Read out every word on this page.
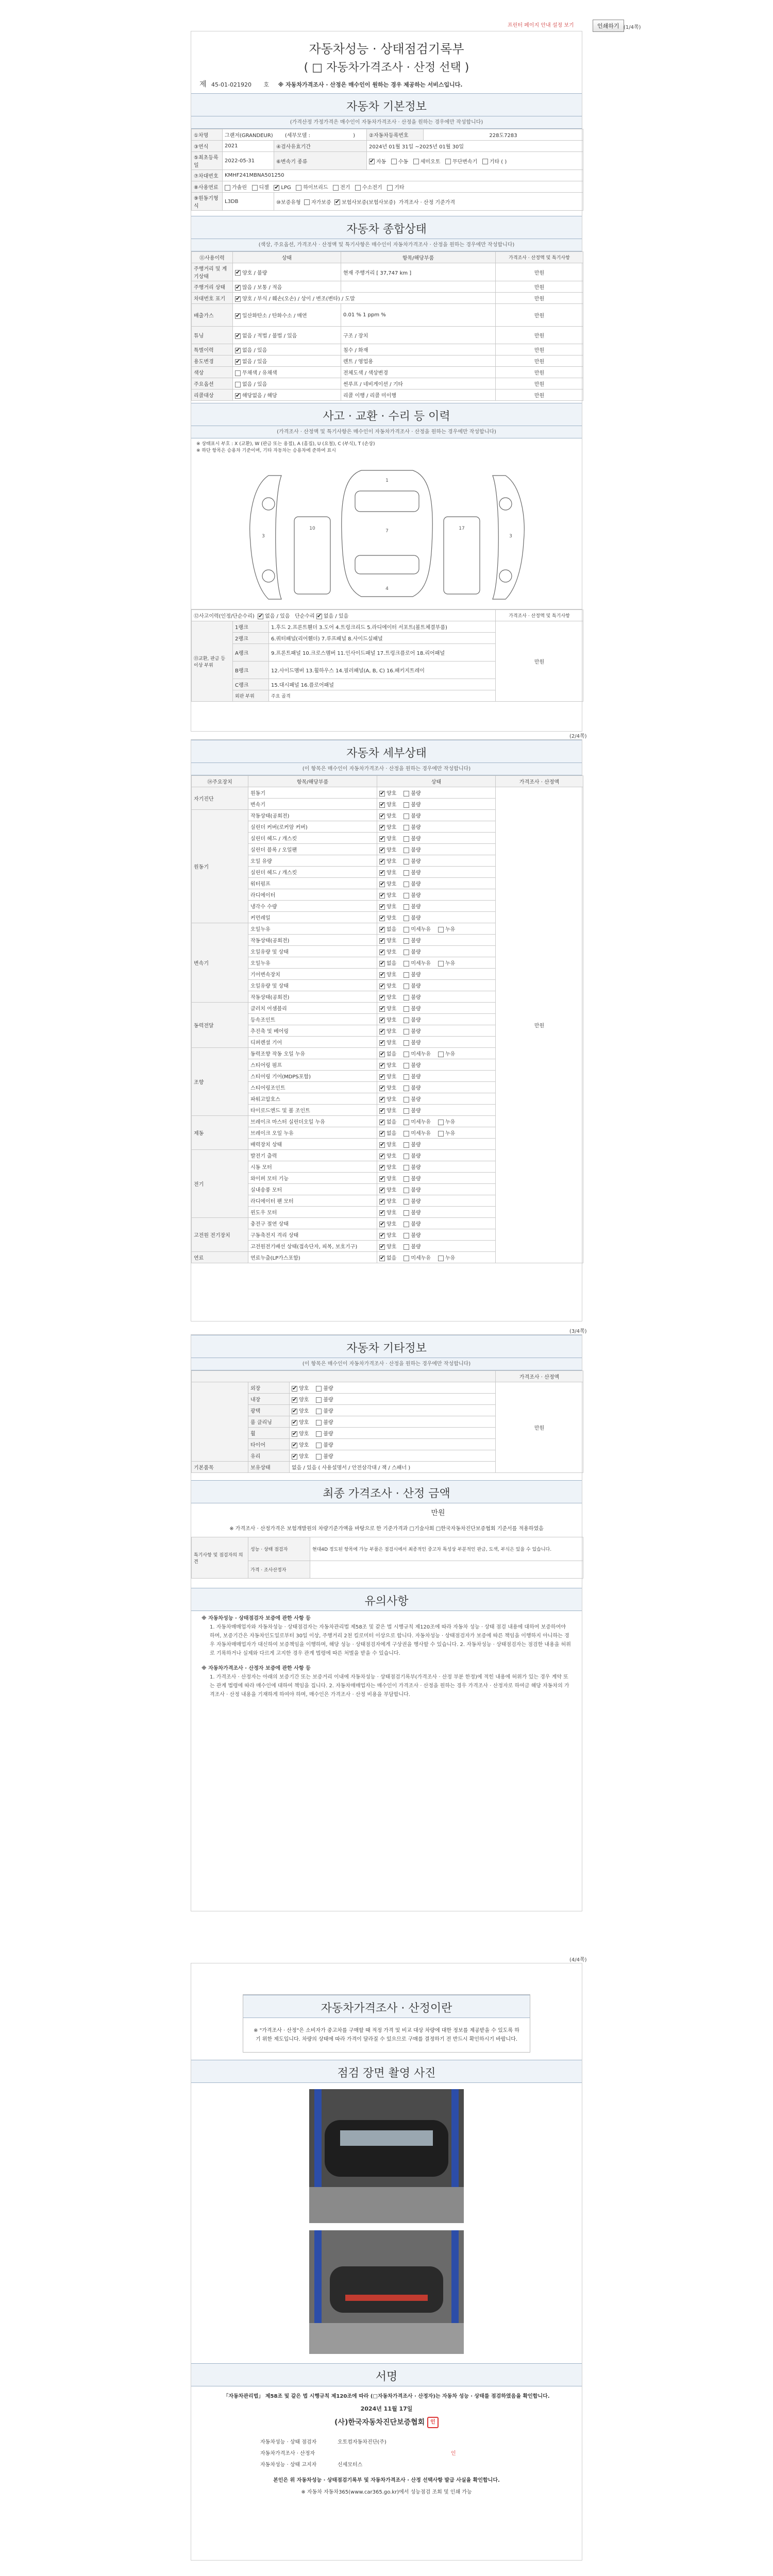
프린터 페이지 안내 설정 보기	인쇄하기 (1/4쪽)
자동차성능 · 상태점검기록부
( □ 자동차가격조사 · 산정 선택 )
제 45-01-021920 호 ※ 자동차가격조사 · 산정은 매수인이 원하는 경우 제공하는 서비스입니다.
자동차 기본정보
(가격산정 가정가격은 매수인이 자동차가격조사 · 산정을 원하는 경우에만 작성합니다)
①차명	그랜저(GRANDEUR) (세부모델 : )		②자동차등록번호	228도7283
③연식	2021	④검사유효기간	2024년 01월 31일 ~2025년 01월 30일	
⑤최초등록일	2022-05-31	⑥변속기 종류	✔자동 수동 세미오토 무단변속기 기타 ( )
⑦차대번호	KMHF241MBNA501250			
⑧사용연료	가솔린 디젤 ✔ LPG 하이브리드 전기 수소전기 기타
⑨원동기형식	L3DB	⑩보증유형 자가보증 ✔ 보험사보증(보험사보증) 가격조사 · 산정 기준가격
자동차 종합상태
(색상, 주요옵션, 가격조사 · 산정액 및 특기사항은 매수인이 자동차가격조사 · 산정을 원하는 경우에만 작성합니다)
⑪사용이력	상태	항목/해당부품	가격조사 · 산정액 및 특기사항
주행거리 및 계기상태	✔양호 / 불량	현재 주행거리 [ 37,747 km ]	만원
주행거리 상태	✔많음 / 보통 / 적음		만원
차대번호 표기	✔양호 / 부식 / 훼손(오손) / 상이 / 변조(변타) / 도말		만원
배출가스	✔일산화탄소 / 탄화수소 / 매연	0.01 % 1 ppm %	만원
튜닝	✔없음 / 적법 / 불법 / 있음	구조 / 장치	만원
특별이력	✔없음 / 있음	침수 / 화재	만원
용도변경	✔없음 / 있음	렌트 / 영업용	만원
색상	무채색 / 유채색	전체도색 / 색상변경	만원
주요옵션	없음 / 있음	썬루프 / 네비게이션 / 기타	만원
리콜대상	✔해당없음 / 해당	리콜 이행 / 리콜 미이행	만원
사고 · 교환 · 수리 등 이력
(가격조사 · 산정액 및 특기사항은 매수인이 자동차가격조사 · 산정을 원하는 경우에만 작성합니다)
※ 상태표시 부호 : X (교환), W (판금 또는 용접), A (흠집), U (요철), C (부식), T (손상)
※ 하단 항목은 승용차 기준이며, 기타 자동차는 승용차에 준하여 표시
1
7
4
10	17
3	3
⑫사고이력(인정/단순수리) ✔ 없음 / 있음 단순수리 ✔ 없음 / 있음			가격조사 · 산정액 및 특기사항
⑬교환, 판금 등 이상 부위	1랭크	1.후드 2.프론트휀더 3.도어 4.트렁크리드 5.라디에이터 서포트(볼트체결부품)	만원
	2랭크	6.쿼터패널(리어휀더) 7.루프패널 8.사이드실패널	
	A랭크	9.프론트패널 10.크로스멤버 11.인사이드패널 17.트렁크플로어 18.리어패널	
	B랭크	12.사이드멤버 13.휠하우스 14.필러패널(A, B, C) 16.패키지트레이	
	C랭크	15.대시패널 16.플로어패널	
	외판 부위	주요 골격	
(2/4쪽)
자동차 세부상태
(이 항목은 매수인이 자동차가격조사 · 산정을 원하는 경우에만 작성합니다)
⑭주요장치	항목/해당부품	상태	가격조사 · 산정액
자기진단	원동기	✔양호 불량	만원
	변속기	✔양호 불량
원동기	작동상태(공회전)	✔양호 불량
	실린더 커버(로커암 커버)	✔양호 불량
	실린더 헤드 / 개스킷	✔양호 불량
	실린더 블록 / 오일팬	✔양호 불량
	오일 유량	✔양호 불량
	실린더 헤드 / 개스킷	✔양호 불량
	워터펌프	✔양호 불량
	라디에이터	✔양호 불량
	냉각수 수량	✔양호 불량
	커먼레일	✔양호 불량
변속기	오일누유	✔없음 미세누유 누유
	작동상태(공회전)	✔양호 불량
	오일유량 및 상태	✔양호 불량
	오일누유	✔없음 미세누유 누유
	기어변속장치	✔양호 불량
	오일유량 및 상태	✔양호 불량
	작동상태(공회전)	✔양호 불량
동력전달	클러치 어셈블리	✔양호 불량
	등속조인트	✔양호 불량
	추진축 및 베어링	✔양호 불량
	디퍼렌셜 기어	✔양호 불량
조향	동력조향 작동 오일 누유	✔없음 미세누유 누유
	스티어링 펌프	✔양호 불량
	스티어링 기어(MDPS포함)	✔양호 불량
	스티어링조인트	✔양호 불량
	파워고압호스	✔양호 불량
	타이로드엔드 및 볼 조인트	✔양호 불량
제동	브레이크 마스터 실린더오일 누유	✔없음 미세누유 누유
	브레이크 오일 누유	✔없음 미세누유 누유
	배력장치 상태	✔양호 불량
전기	발전기 출력	✔양호 불량
	시동 모터	✔양호 불량
	와이퍼 모터 기능	✔양호 불량
	실내송풍 모터	✔양호 불량
	라디에이터 팬 모터	✔양호 불량
	윈도우 모터	✔양호 불량
고전원 전기장치	충전구 절연 상태	✔양호 불량
	구동축전지 격리 상태	✔양호 불량
	고전원전기배선 상태(접속단자, 피복, 보호기구)	✔양호 불량
연료	연료누출(LP가스포함)	✔없음 미세누유 누유
(3/4쪽)
자동차 기타정보
(이 항목은 매수인이 자동차가격조사 · 산정을 원하는 경우에만 작성합니다)
			가격조사 · 산정액
	외장	✔양호 불량	만원
	내장	✔양호 불량
	광택	✔양호 불량
	룸 클리닝	✔양호 불량
	휠	✔양호 불량
	타이어	✔양호 불량
	유리	✔양호 불량
기본품목	보유상태	없음 / 있음 ( 사용설명서 / 안전삼각대 / 잭 / 스패너 )	
최종 가격조사 · 산정 금액
만원
※ 가격조사 · 산정가격은 보험개발원의 차량기준가액을 바탕으로 한 기준가격과 □기술사회 □한국자동차진단보증협회 기준서를 적용하였음
특기사항 및 점검자의 의견	성능 · 상태 점검자	현대4D 정도된 항목에 가능 부품은 점검시에서 최종적인 중고차 특성상 부분적인 판금, 도색, 부식은 있을 수 있습니다.
	가격 · 조사산정자	
유의사항
※ 자동차성능 · 상태점검자 보증에 관한 사항 등
1. 자동차매매업자와 자동차성능 · 상태점검자는 자동차관리법 제58조 및 같은 법 시행규칙 제120조에 따라 자동차 성능 · 상태 점검 내용에 대하여 보증하여야 하며, 보증기간은 자동차인도일로부터 30일 이상, 주행거리 2천 킬로미터 이상으로 합니다. 자동차성능 · 상태점검자가 보증에 따른 책임을 이행하지 아니하는 경우 자동차매매업자가 대신하여 보증책임을 이행하며, 해당 성능 · 상태점검자에게 구상권을 행사할 수 있습니다. 2. 자동차성능 · 상태점검자는 점검한 내용을 허위로 기록하거나 실제와 다르게 고지한 경우 관계 법령에 따른 처벌을 받을 수 있습니다.
※ 자동차가격조사 · 산정자 보증에 관한 사항 등
1. 가격조사 · 산정자는 아래의 보증기간 또는 보증거리 이내에 자동차성능 · 상태점검기록부(가격조사 · 산정 부분 한정)에 적힌 내용에 허위가 있는 경우 계약 또는 관계 법령에 따라 매수인에 대하여 책임을 집니다. 2. 자동차매매업자는 매수인이 가격조사 · 산정을 원하는 경우 가격조사 · 산정자로 하여금 해당 자동차의 가격조사 · 산정 내용을 기재하게 하여야 하며, 매수인은 가격조사 · 산정 비용을 부담합니다.
(4/4쪽)
자동차가격조사 · 산정이란
※ "가격조사 · 산정"은 소비자가 중고차를 구매할 때 적정 가격 및 비교 대상 차량에 대한 정보를 제공받을 수 있도록 하기 위한 제도입니다. 차량의 상태에 따라 가격이 달라질 수 있으므로 구매를 결정하기 전 반드시 확인하시기 바랍니다.
점검 장면 촬영 사진
서명
「자동차관리법」 제58조 및 같은 법 시행규칙 제120조에 따라 (□자동차가격조사 · 산정자)는 자동차 성능 · 상태를 점검하였음을 확인합니다.
2024년 11월 17일
(사)한국자동차진단보증협회 인
자동차성능 · 상태 점검자	오토컴자동차진단(주)	인
자동차가격조사 · 산정자		
자동차성능 · 상태 고지자	신세모터스	
본인은 위 자동차성능 · 상태점검기록부 및 자동차가격조사 · 산정 선택사항 발급 사실을 확인합니다.
※ 자동차 자동차365(www.car365.go.kr)에서 성능점검 조회 및 인쇄 가능
